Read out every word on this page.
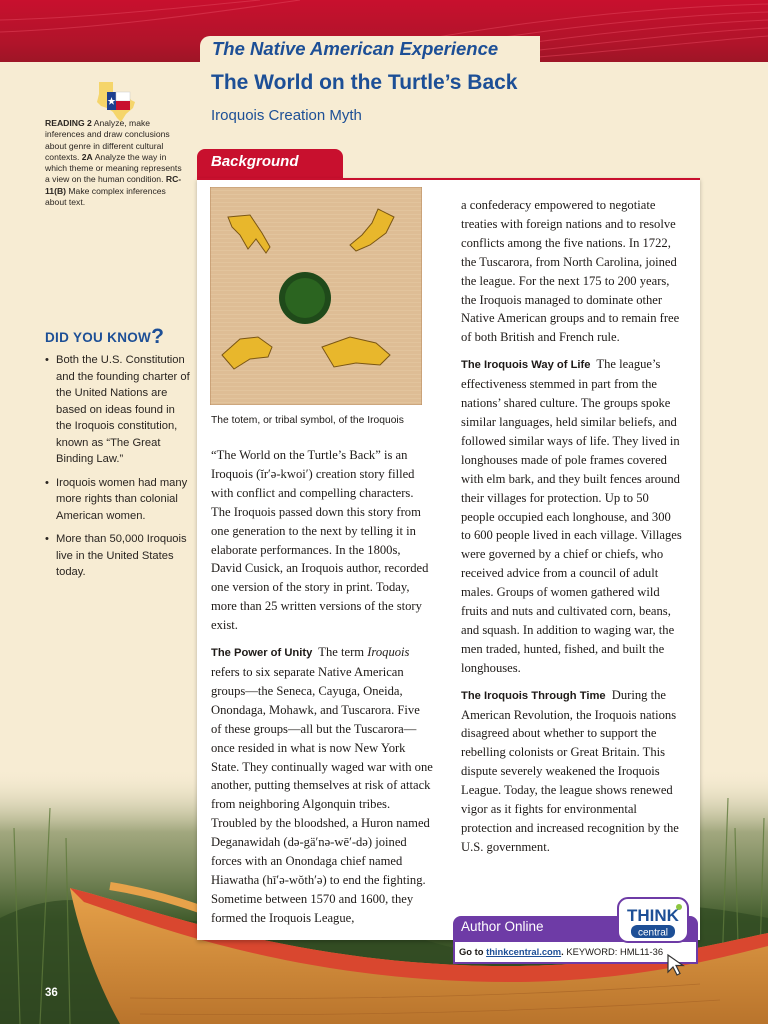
The Native American Experience
The World on the Turtle’s Back
Iroquois Creation Myth
READING 2 Analyze, make inferences and draw conclusions about genre in different cultural contexts. 2A Analyze the way in which theme or meaning represents a view on the human condition. RC-11(B) Make complex inferences about text.
DID YOU KNOW?
• Both the U.S. Constitution and the founding charter of the United Nations are based on ideas found in the Iroquois constitution, known as “The Great Binding Law.”
• Iroquois women had many more rights than colonial American women.
• More than 50,000 Iroquois live in the United States today.
Background
The totem, or tribal symbol, of the Iroquois

“The World on the Turtle’s Back” is an Iroquois (ĭrʹə-kwoiʹ) creation story filled with conflict and compelling characters. The Iroquois passed down this story from one generation to the next by telling it in elaborate performances. In the 1800s, David Cusick, an Iroquois author, recorded one version of the story in print. Today, more than 25 written versions of the story exist.

The Power of Unity The term Iroquois refers to six separate Native American groups—the Seneca, Cayuga, Oneida, Onondaga, Mohawk, and Tuscarora. Five of these groups—all but the Tuscarora—once resided in what is now New York State. They continually waged war with one another, putting themselves at risk of attack from neighboring Algonquin tribes. Troubled by the bloodshed, a Huron named Deganawidah (də-gäʹnə-wēʹ-də) joined forces with an Onondaga chief named Hiawatha (hīʹə-wŏthʹə) to end the fighting. Sometime between 1570 and 1600, they formed the Iroquois League,

a confederacy empowered to negotiate treaties with foreign nations and to resolve conflicts among the five nations. In 1722, the Tuscarora, from North Carolina, joined the league. For the next 175 to 200 years, the Iroquois managed to dominate other Native American groups and to remain free of both British and French rule.

The Iroquois Way of Life The league’s effectiveness stemmed in part from the nations’ shared culture. The groups spoke similar languages, held similar beliefs, and followed similar ways of life. They lived in longhouses made of pole frames covered with elm bark, and they built fences around their villages for protection. Up to 50 people occupied each longhouse, and 300 to 600 people lived in each village. Villages were governed by a chief or chiefs, who received advice from a council of adult males. Groups of women gathered wild fruits and nuts and cultivated corn, beans, and squash. In addition to waging war, the men traded, hunted, fished, and built the longhouses.

The Iroquois Through Time During the American Revolution, the Iroquois nations disagreed about whether to support the rebelling colonists or Great Britain. This dispute severely weakened the Iroquois League. Today, the league shows renewed vigor as it fights for environmental protection and increased recognition by the U.S. government.

Author Online
Go to thinkcentral.com. KEYWORD: HML11-36
THINK
central
36
